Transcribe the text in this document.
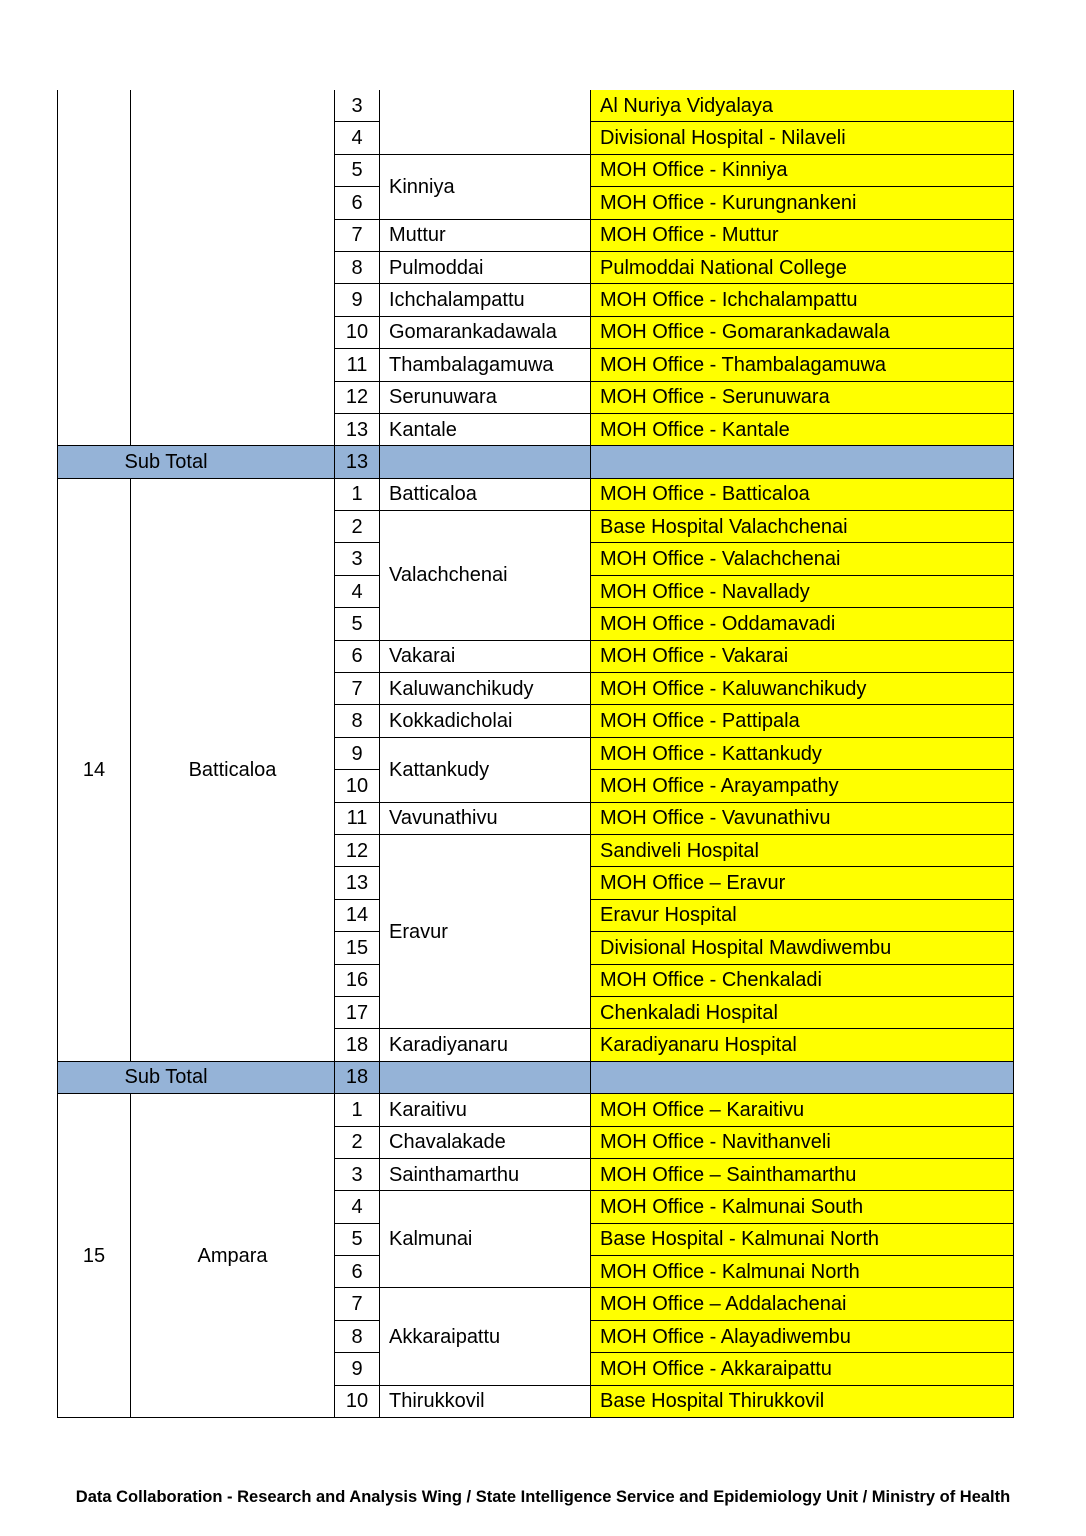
		3		Al Nuriya Vidyalaya
		4		Divisional Hospital - Nilaveli
		5	Kinniya	MOH Office - Kinniya
		6		MOH Office - Kurungnankeni
		7	Muttur	MOH Office - Muttur
		8	Pulmoddai	Pulmoddai National College
		9	Ichchalampattu	MOH Office - Ichchalampattu
		10	Gomarankadawala	MOH Office - Gomarankadawala
		11	Thambalagamuwa	MOH Office - Thambalagamuwa
		12	Serunuwara	MOH Office - Serunuwara
		13	Kantale	MOH Office - Kantale
Sub Total		13		
14	Batticaloa	1	Batticaloa	MOH Office - Batticaloa
		2	Valachchenai	Base Hospital Valachchenai
		3		MOH Office - Valachchenai
		4		MOH Office - Navallady
		5		MOH Office - Oddamavadi
		6	Vakarai	MOH Office - Vakarai
		7	Kaluwanchikudy	MOH Office - Kaluwanchikudy
		8	Kokkadicholai	MOH Office - Pattipala
		9	Kattankudy	MOH Office - Kattankudy
		10		MOH Office - Arayampathy
		11	Vavunathivu	MOH Office - Vavunathivu
		12	Eravur	Sandiveli Hospital
		13		MOH Office – Eravur
		14		Eravur Hospital
		15		Divisional Hospital Mawdiwembu
		16		MOH Office - Chenkaladi
		17		Chenkaladi Hospital
		18	Karadiyanaru	Karadiyanaru Hospital
Sub Total		18		
15	Ampara	1	Karaitivu	MOH Office – Karaitivu
		2	Chavalakade	MOH Office - Navithanveli
		3	Sainthamarthu	MOH Office – Sainthamarthu
		4	Kalmunai	MOH Office - Kalmunai South
		5		Base Hospital - Kalmunai North
		6		MOH Office - Kalmunai North
		7	Akkaraipattu	MOH Office – Addalachenai
		8		MOH Office - Alayadiwembu
		9		MOH Office - Akkaraipattu
		10	Thirukkovil	Base Hospital Thirukkovil
Data Collaboration - Research and Analysis Wing / State Intelligence Service and Epidemiology Unit / Ministry of Health
